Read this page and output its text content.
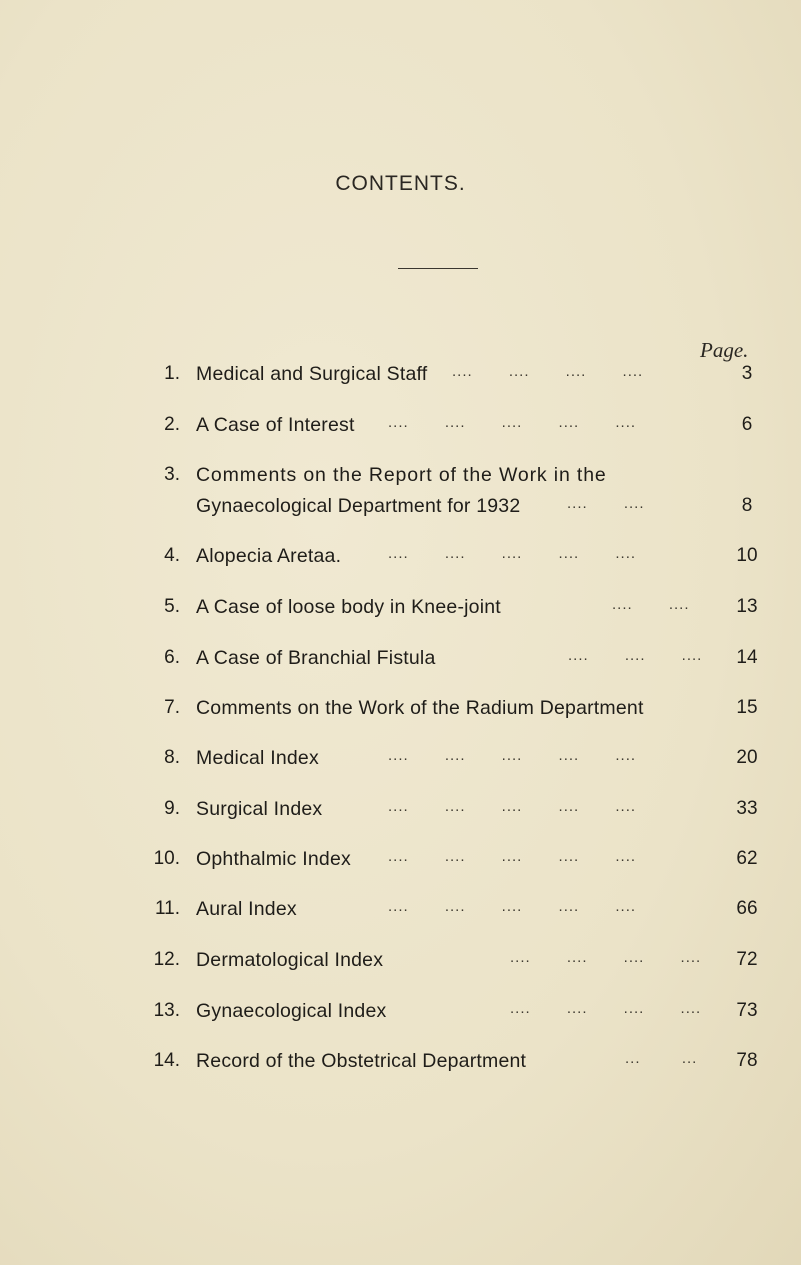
CONTENTS.
Page.
1. Medical and Surgical Staff ....       ....       ....       ....	3
2. A Case of Interest ....       ....       ....       ....       ....	6
3. Comments on the Report of the Work in the
Gynaecological Department for 1932	....       ....	8
4. Alopecia Aretaa.	....       ....       ....       ....       ....	10
5. A Case of loose body in Knee-joint	....       ....	13
6. A Case of Branchial Fistula	....       ....       ....	14
7. Comments on the Work of the Radium Department	15
8. Medical Index	....       ....       ....       ....       ....	20
9. Surgical Index	....       ....       ....       ....       ....	33
10. Ophthalmic Index ....       ....       ....       ....       ....	62
11. Aural Index	....       ....       ....       ....       ....	66
12. Dermatological Index	....       ....       ....       ....	72
13. Gynaecological Index	....       ....       ....       ....	73
14. Record of the Obstetrical Department	...        ...	78
